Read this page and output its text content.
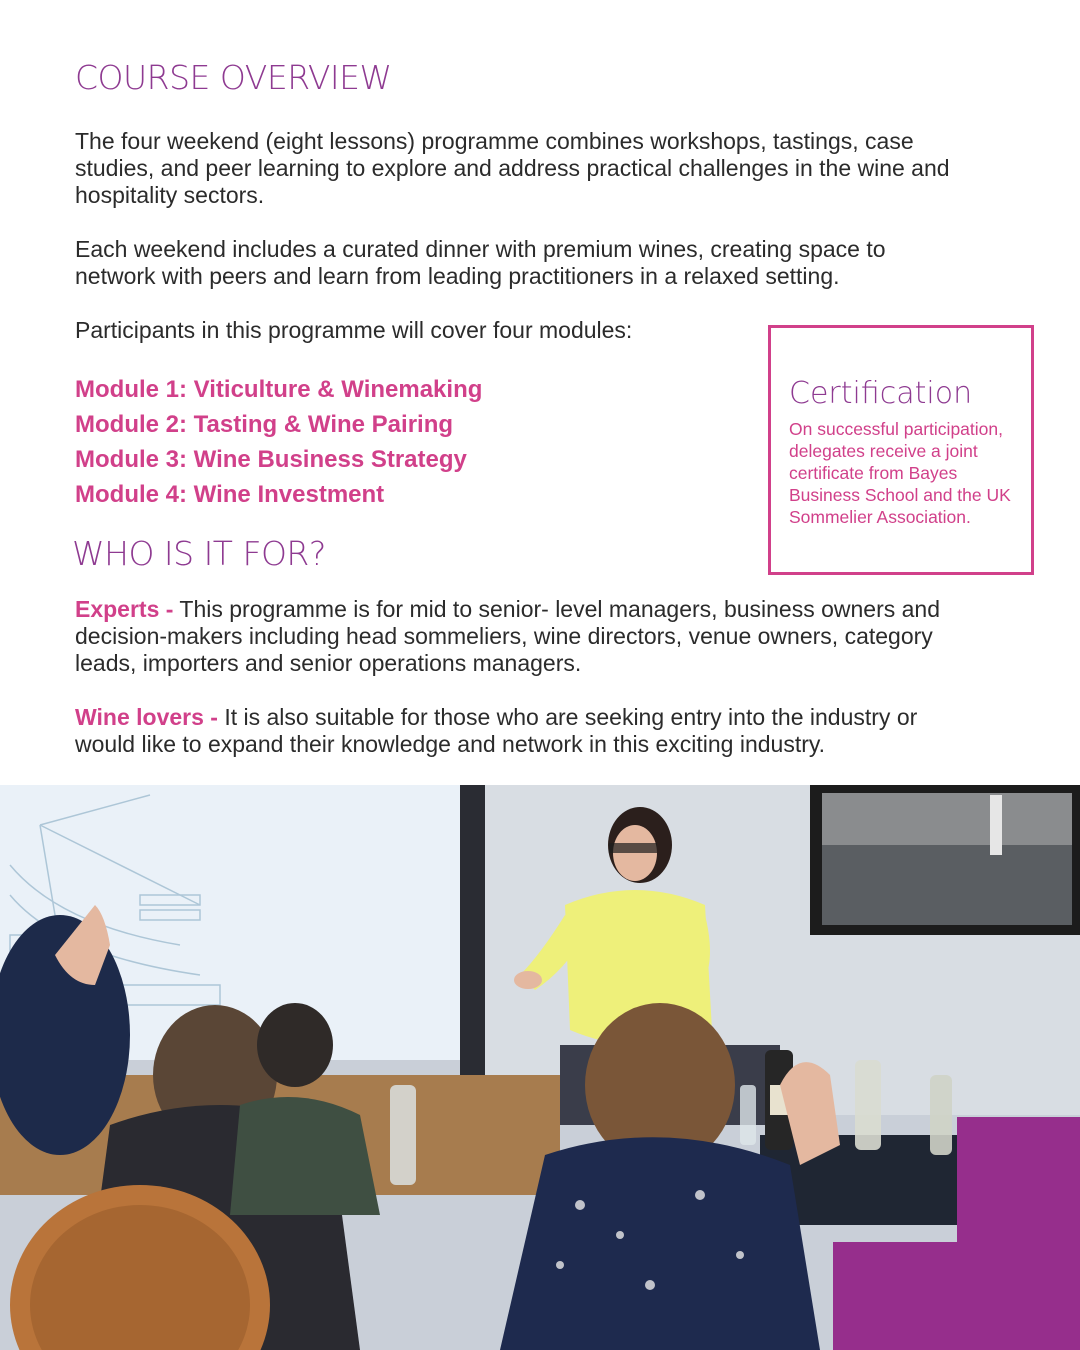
COURSE OVERVIEW

The four weekend (eight lessons) programme combines workshops, tastings, case studies, and peer learning to explore and address practical challenges in the wine and hospitality sectors.

Each weekend includes a curated dinner with premium wines, creating space to network with peers and learn from leading practitioners in a relaxed setting.

Participants in this programme will cover four modules:

Module 1: Viticulture & Winemaking
Module 2: Tasting & Wine Pairing
Module 3: Wine Business Strategy
Module 4: Wine Investment
Certification

On successful participation, delegates receive a joint certificate from Bayes Business School and the UK Sommelier Association.

WHO IS IT FOR?

Experts - This programme is for mid to senior- level managers, business owners and decision-makers including head sommeliers, wine directors, venue owners, category leads, importers and senior operations managers.

Wine lovers - It is also suitable for those who are seeking entry into the industry or would like to expand their knowledge and network in this exciting industry.
